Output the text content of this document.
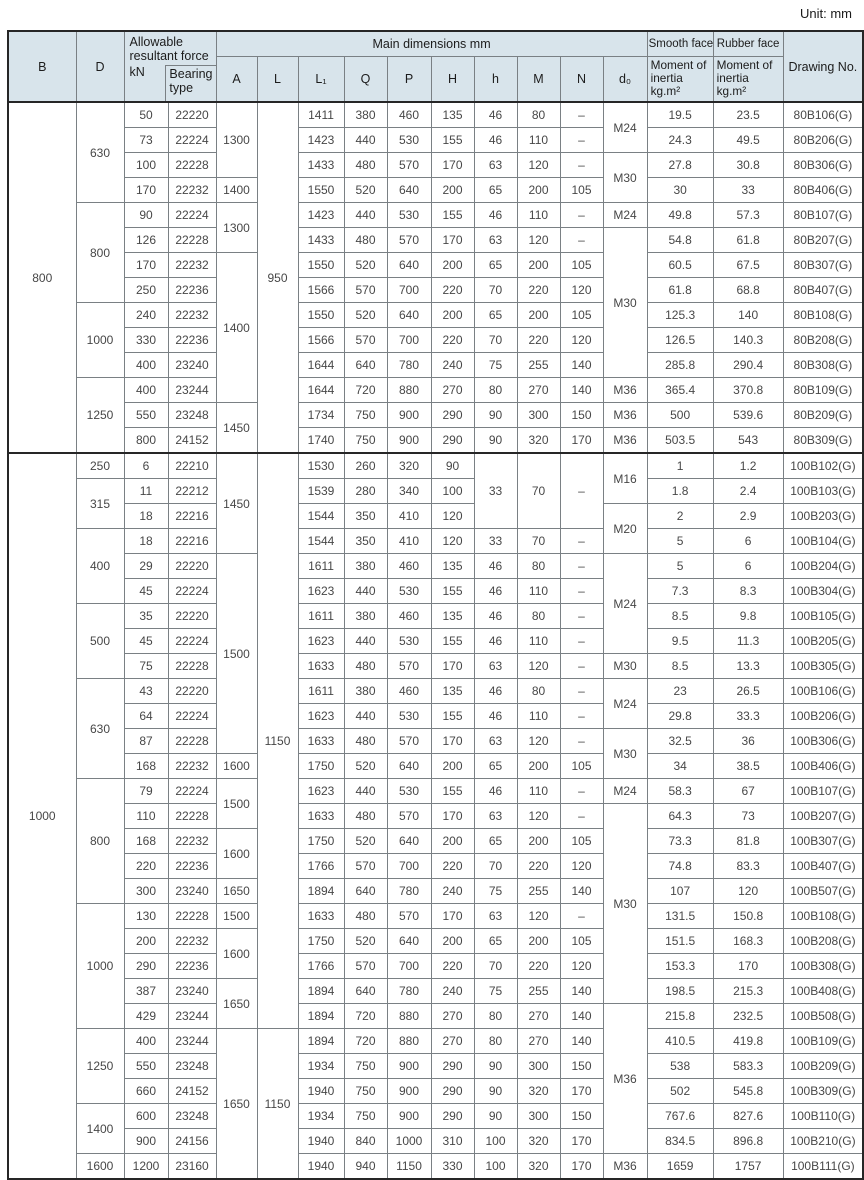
Unit: mm
B	D	Allowable resultant force
kN Bearing type		Main dimensions mm										Smooth face	Rubber face	Drawing No.
				A	L	L₁	Q	P	H	h	M	N	d₀	Moment of inertia kg.m²	Moment of inertia kg.m²	
800	630	50	22220	1300	950	1411	380	460	135	46	80	–	M24	19.5	23.5	80B106(G)
		73	22224			1423	440	530	155	46	110	–		24.3	49.5	80B206(G)
		100	22228			1433	480	570	170	63	120	–	M30	27.8	30.8	80B306(G)
		170	22232	1400		1550	520	640	200	65	200	105		30	33	80B406(G)
	800	90	22224	1300		1423	440	530	155	46	110	–	M24	49.8	57.3	80B107(G)
		126	22228			1433	480	570	170	63	120	–	M30	54.8	61.8	80B207(G)
		170	22232	1400		1550	520	640	200	65	200	105		60.5	67.5	80B307(G)
		250	22236			1566	570	700	220	70	220	120		61.8	68.8	80B407(G)
	1000	240	22232			1550	520	640	200	65	200	105		125.3	140	80B108(G)
		330	22236			1566	570	700	220	70	220	120		126.5	140.3	80B208(G)
		400	23240			1644	640	780	240	75	255	140		285.8	290.4	80B308(G)
	1250	400	23244			1644	720	880	270	80	270	140	M36	365.4	370.8	80B109(G)
		550	23248	1450		1734	750	900	290	90	300	150	M36	500	539.6	80B209(G)
		800	24152			1740	750	900	290	90	320	170	M36	503.5	543	80B309(G)
1000	250	6	22210	1450	1150	1530	260	320	90	33	70	–	M16	1	1.2	100B102(G)
	315	11	22212			1539	280	340	100					1.8	2.4	100B103(G)
		18	22216			1544	350	410	120				M20	2	2.9	100B203(G)
	400	18	22216			1544	350	410	120	33	70	–		5	6	100B104(G)
		29	22220	1500		1611	380	460	135	46	80	–	M24	5	6	100B204(G)
		45	22224			1623	440	530	155	46	110	–		7.3	8.3	100B304(G)
	500	35	22220			1611	380	460	135	46	80	–		8.5	9.8	100B105(G)
		45	22224			1623	440	530	155	46	110	–		9.5	11.3	100B205(G)
		75	22228			1633	480	570	170	63	120	–	M30	8.5	13.3	100B305(G)
	630	43	22220			1611	380	460	135	46	80	–	M24	23	26.5	100B106(G)
		64	22224			1623	440	530	155	46	110	–		29.8	33.3	100B206(G)
		87	22228			1633	480	570	170	63	120	–	M30	32.5	36	100B306(G)
		168	22232	1600		1750	520	640	200	65	200	105		34	38.5	100B406(G)
	800	79	22224	1500		1623	440	530	155	46	110	–	M24	58.3	67	100B107(G)
		110	22228			1633	480	570	170	63	120	–	M30	64.3	73	100B207(G)
		168	22232	1600		1750	520	640	200	65	200	105		73.3	81.8	100B307(G)
		220	22236			1766	570	700	220	70	220	120		74.8	83.3	100B407(G)
		300	23240	1650		1894	640	780	240	75	255	140		107	120	100B507(G)
	1000	130	22228	1500		1633	480	570	170	63	120	–		131.5	150.8	100B108(G)
		200	22232	1600		1750	520	640	200	65	200	105		151.5	168.3	100B208(G)
		290	22236			1766	570	700	220	70	220	120		153.3	170	100B308(G)
		387	23240	1650		1894	640	780	240	75	255	140		198.5	215.3	100B408(G)
		429	23244			1894	720	880	270	80	270	140	M36	215.8	232.5	100B508(G)
	1250	400	23244	1650	1150	1894	720	880	270	80	270	140		410.5	419.8	100B109(G)
		550	23248			1934	750	900	290	90	300	150		538	583.3	100B209(G)
		660	24152			1940	750	900	290	90	320	170		502	545.8	100B309(G)
	1400	600	23248			1934	750	900	290	90	300	150		767.6	827.6	100B110(G)
		900	24156			1940	840	1000	310	100	320	170		834.5	896.8	100B210(G)
	1600	1200	23160			1940	940	1150	330	100	320	170	M36	1659	1757	100B111(G)
